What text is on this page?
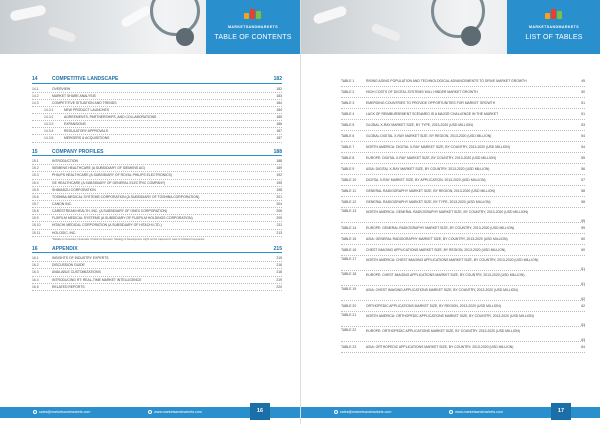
MARKETSANDMARKETS
TABLE OF CONTENTS
14	COMPETITIVE LANDSCAPE	182
14.1	OVERVIEW	182
14.2	MARKET SHARE ANALYSIS	183
14.3	COMPETITIVE SITUATION AND TRENDS	184
14.3.1	NEW PRODUCT LAUNCHES	184
14.3.2	AGREEMENTS, PARTNERSHIPS, AND COLLABORATIONS	185
14.3.3	EXPANSIONS	186
14.3.4	REGULATORY APPROVALS	187
14.3.5	MERGERS & ACQUISITIONS	187
15	COMPANY PROFILES	188
15.1	INTRODUCTION	188
15.2	SIEMENS HEALTHCARE (A SUBSIDIARY OF SIEMENS AG)	189
15.3	PHILIPS HEALTHCARE (A SUBSIDIARY OF ROYAL PHILIPS ELECTRONICS)	192
15.4	GE HEALTHCARE (A SUBSIDIARY OF GENERAL ELECTRIC COMPANY)	195
15.5	SHIMADZU CORPORATION	198
15.6	TOSHIBA MEDICAL SYSTEMS CORPORATION (A SUBSIDIARY OF TOSHIBA CORPORATION)	201
15.7	CANON INC.	204
15.8	CARESTREAM HEALTH, INC. (A SUBSIDIARY OF ONEX CORPORATION)	206
15.9	FUJIFILM MEDICAL SYSTEMS (A SUBSIDIARY OF FUJIFILM HOLDINGS CORPORATION)	209
15.10	HITACHI MEDICAL CORPORATION (A SUBSIDIARY OF HITACHI LTD.)	211
15.11	HOLOGIC, INC.	213
*Details on Overview, Financials, Product & Services, Strategy & Development might not be Captured in case of Unlisted Companies.
16	APPENDIX	215
16.1	INSIGHTS OF INDUSTRY EXPERTS	215
16.2	DISCUSSION GUIDE	216
16.3	AVAILABLE CUSTOMIZATIONS	218
16.4	INTRODUCING RT: REAL-TIME MARKET INTELLIGENCE	219
16.5	RELATED REPORTS	220
sales@marketsandmarkets.com	www.marketsandmarkets.com	16
MARKETSANDMARKETS
LIST OF TABLES
TABLE 1	RISING AGING POPULATION AND TECHNOLOGICAL ADVANCEMENTS TO DRIVE MARKET GROWTH	49
TABLE 2	HIGH COSTS OF DIGITAL SYSTEMS WILL HINDER MARKET GROWTH	50
TABLE 3	EMERGING COUNTRIES TO PROVIDE OPPORTUNITIES FOR MARKET GROWTH	51
TABLE 4	LACK OF REIMBURSEMENT SCENARIO IS A MAJOR CHALLENGE IN THE MARKET	51
TABLE 5	GLOBAL X-RAY MARKET SIZE, BY TYPE, 2013-2020 (USD MILLION)	53
TABLE 6	GLOBAL DIGITAL X-RAY MARKET SIZE, BY REGION, 2013-2020 (USD MILLION)	54
TABLE 7	NORTH AMERICA: DIGITAL X-RAY MARKET SIZE, BY COUNTRY, 2013-2020 (USD MILLION)	54
TABLE 8	EUROPE: DIGITAL X-RAY MARKET SIZE, BY COUNTRY, 2013-2020 (USD MILLION)	55
TABLE 9	ASIA: DIGITAL X-RAY MARKET SIZE, BY COUNTRY, 2013-2020 (USD MILLION)	56
TABLE 10	DIGITAL X-RAY MARKET SIZE, BY APPLICATION, 2013-2020 (USD MILLION)	57
TABLE 11	GENERAL RADIOGRAPHY MARKET SIZE, BY REGION, 2013-2020 (USD MILLION)	58
TABLE 12	GENERAL RADIOGRAPHY MARKET SIZE, BY TYPE, 2013-2020 (USD MILLION)	58
TABLE 13	NORTH AMERICA: GENERAL RADIOGRAPHY MARKET SIZE, BY COUNTRY, 2013-2020 (USD MILLION)
59
TABLE 14	EUROPE: GENERAL RADIOGRAPHY MARKET SIZE, BY COUNTRY, 2013-2020 (USD MILLION)	59
TABLE 15	ASIA: GENERAL RADIOGRAPHY MARKET SIZE, BY COUNTRY, 2013-2020 (USD MILLION)	60
TABLE 16	CHEST IMAGING APPLICATIONS MARKET SIZE, BY REGION, 2013-2020 (USD MILLION)	60
TABLE 17	NORTH AMERICA: CHEST IMAGING APPLICATIONS MARKET SIZE, BY COUNTRY, 2013-2020 (USD MILLION)
61
TABLE 18	EUROPE: CHEST IMAGING APPLICATIONS MARKET SIZE, BY COUNTRY, 2013-2020 (USD MILLION)
61
TABLE 19	ASIA: CHEST IMAGING APPLICATIONS MARKET SIZE, BY COUNTRY, 2013-2020 (USD MILLION)
62
TABLE 20	ORTHOPEDIC APPLICATIONS MARKET SIZE, BY REGION, 2013-2020 (USD MILLION)	62
TABLE 21	NORTH AMERICA: ORTHOPEDIC APPLICATIONS MARKET SIZE, BY COUNTRY, 2013-2020 (USD MILLION)
63
TABLE 22	EUROPE: ORTHOPEDIC APPLICATIONS MARKET SIZE, BY COUNTRY, 2013-2020 (USD MILLION)
63
TABLE 23	ASIA: ORTHOPEDIC APPLICATIONS MARKET SIZE, BY COUNTRY, 2013-2020 (USD MILLION)	64
sales@marketsandmarkets.com	www.marketsandmarkets.com	17
